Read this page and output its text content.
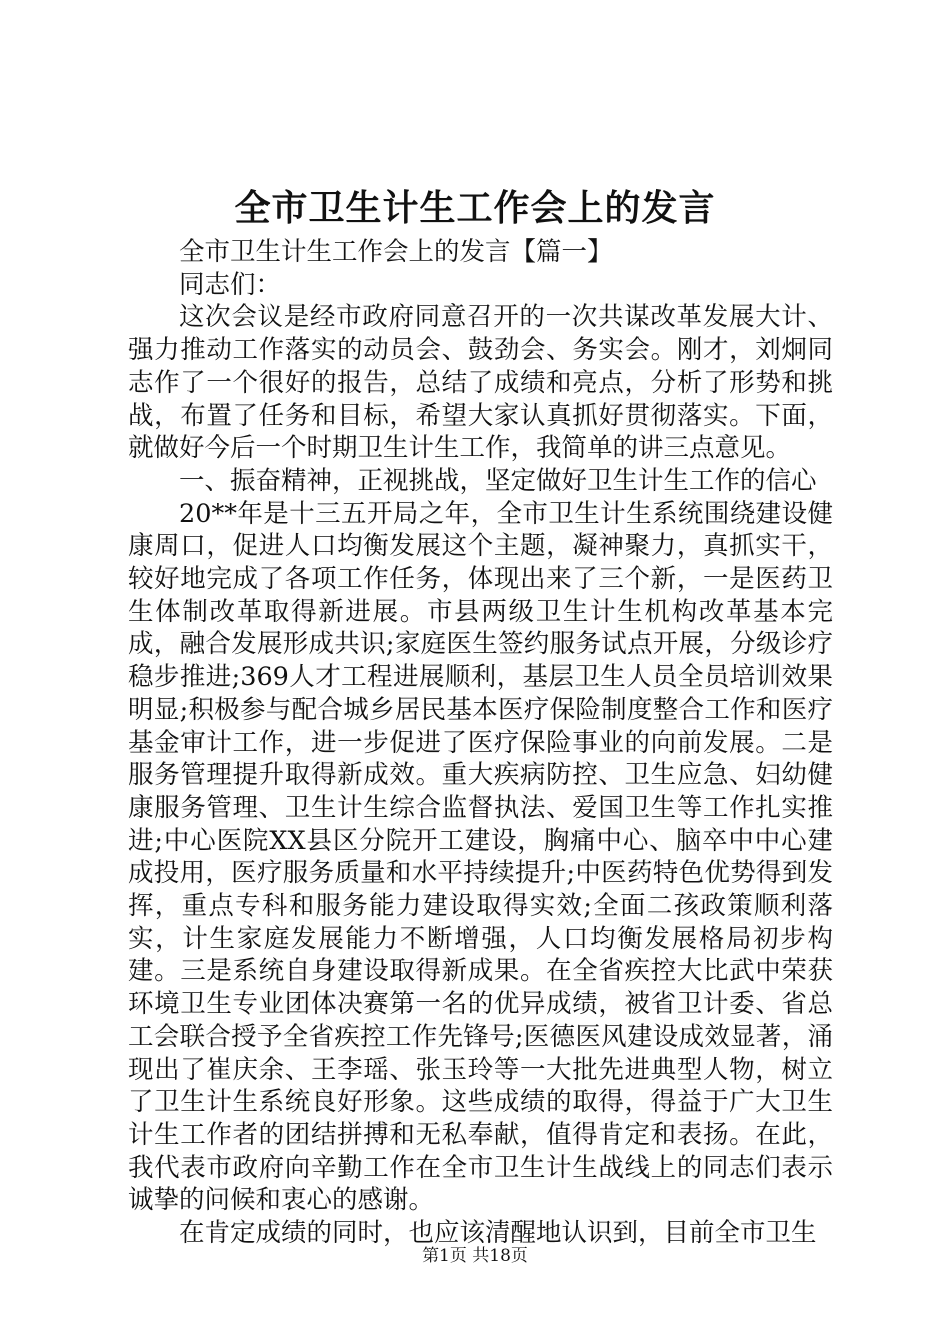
全市卫生计生工作会上的发言

全市卫生计生工作会上的发言【篇一】

同志们：

这次会议是经市政府同意召开的一次共谋改革发展大计、强力推动工作落实的动员会、鼓劲会、务实会。刚才，刘炯同志作了一个很好的报告，总结了成绩和亮点，分析了形势和挑战，布置了任务和目标，希望大家认真抓好贯彻落实。下面，就做好今后一个时期卫生计生工作，我简单的讲三点意见。

一、振奋精神，正视挑战，坚定做好卫生计生工作的信心

20**年是十三五开局之年，全市卫生计生系统围绕建设健康周口，促进人口均衡发展这个主题，凝神聚力，真抓实干，较好地完成了各项工作任务，体现出来了三个新，一是医药卫生体制改革取得新进展。市县两级卫生计生机构改革基本完成，融合发展形成共识;家庭医生签约服务试点开展，分级诊疗稳步推进;369人才工程进展顺利，基层卫生人员全员培训效果明显;积极参与配合城乡居民基本医疗保险制度整合工作和医疗基金审计工作，进一步促进了医疗保险事业的向前发展。二是服务管理提升取得新成效。重大疾病防控、卫生应急、妇幼健康服务管理、卫生计生综合监督执法、爱国卫生等工作扎实推进;中心医院XX县区分院开工建设，胸痛中心、脑卒中中心建成投用，医疗服务质量和水平持续提升;中医药特色优势得到发挥，重点专科和服务能力建设取得实效;全面二孩政策顺利落实，计生家庭发展能力不断增强，人口均衡发展格局初步构建。三是系统自身建设取得新成果。在全省疾控大比武中荣获环境卫生专业团体决赛第一名的优异成绩，被省卫计委、省总工会联合授予全省疾控工作先锋号;医德医风建设成效显著，涌现出了崔庆余、王李瑶、张玉玲等一大批先进典型人物，树立了卫生计生系统良好形象。这些成绩的取得，得益于广大卫生计生工作者的团结拼搏和无私奉献，值得肯定和表扬。在此，我代表市政府向辛勤工作在全市卫生计生战线上的同志们表示诚挚的问候和衷心的感谢。

在肯定成绩的同时，也应该清醒地认识到，目前全市卫生

第1页 共18页
